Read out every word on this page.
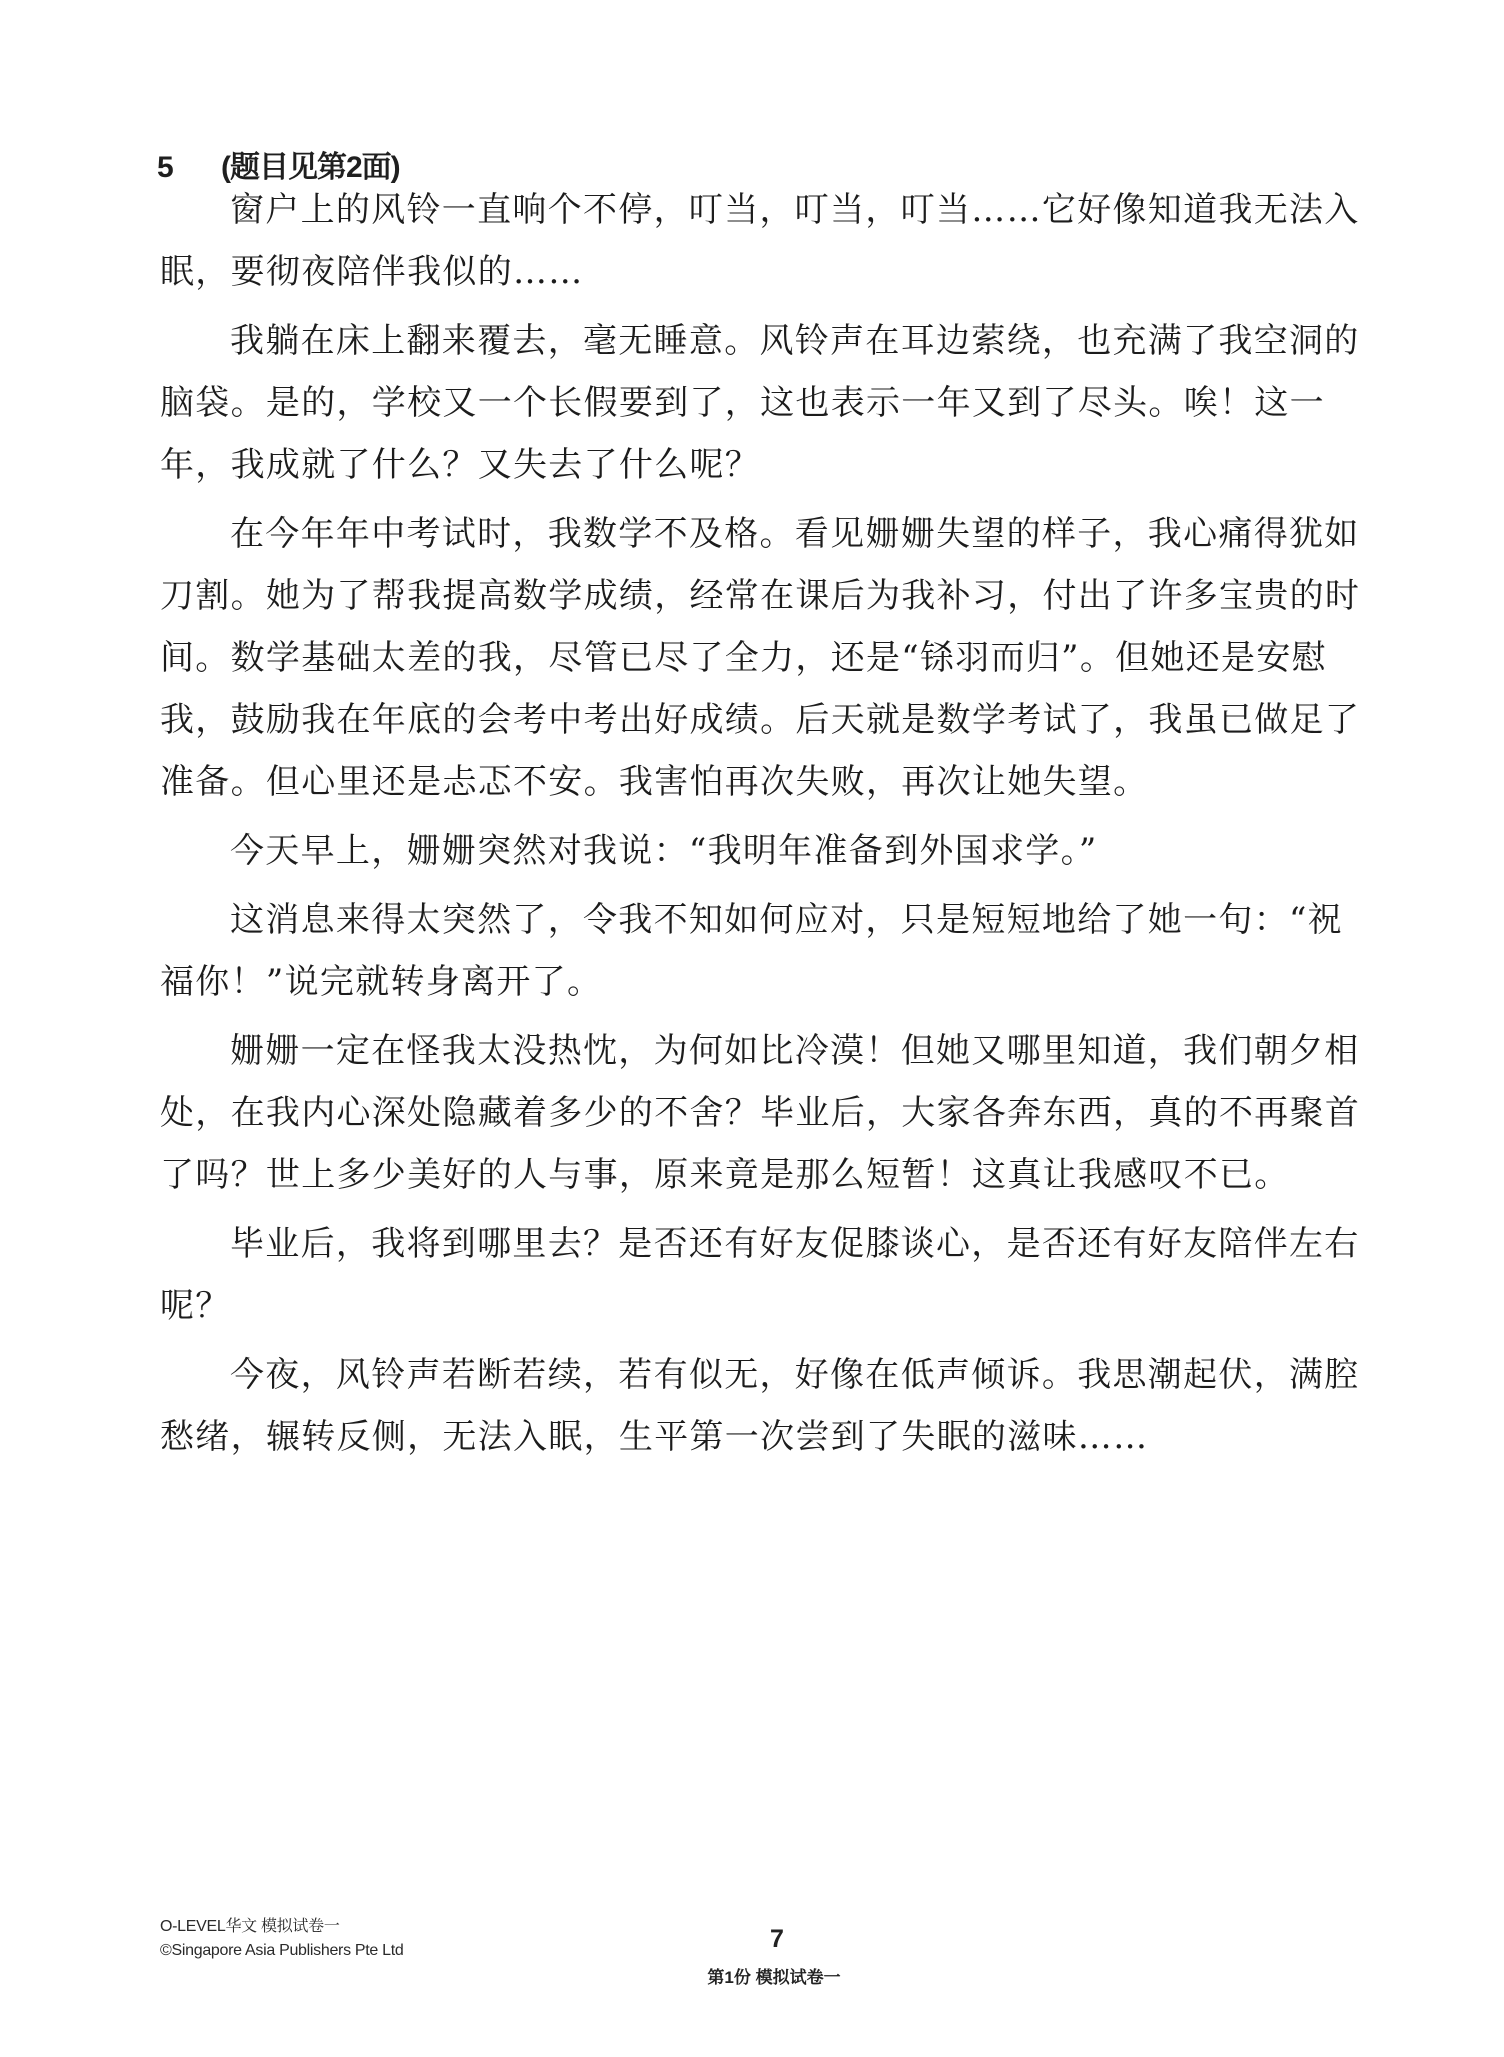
5 (题目见第2面)
窗户上的风铃一直响个不停，叮当，叮当，叮当……它好像知道我无法入
眠，要彻夜陪伴我似的……
我躺在床上翻来覆去，毫无睡意。风铃声在耳边萦绕，也充满了我空洞的
脑袋。是的，学校又一个长假要到了，这也表示一年又到了尽头。唉！这一
年，我成就了什么？又失去了什么呢？
在今年年中考试时，我数学不及格。看见姗姗失望的样子，我心痛得犹如
刀割。她为了帮我提高数学成绩，经常在课后为我补习，付出了许多宝贵的时
间。数学基础太差的我，尽管已尽了全力，还是“铩羽而归”。但她还是安慰
我，鼓励我在年底的会考中考出好成绩。后天就是数学考试了，我虽已做足了
准备。但心里还是忐忑不安。我害怕再次失败，再次让她失望。
今天早上，姗姗突然对我说：“我明年准备到外国求学。”
这消息来得太突然了，令我不知如何应对，只是短短地给了她一句：“祝
福你！”说完就转身离开了。
姗姗一定在怪我太没热忱，为何如比冷漠！但她又哪里知道，我们朝夕相
处，在我内心深处隐藏着多少的不舍？毕业后，大家各奔东西，真的不再聚首
了吗？世上多少美好的人与事，原来竟是那么短暂！这真让我感叹不已。
毕业后，我将到哪里去？是否还有好友促膝谈心，是否还有好友陪伴左右
呢？
今夜，风铃声若断若续，若有似无，好像在低声倾诉。我思潮起伏，满腔
愁绪，辗转反侧，无法入眠，生平第一次尝到了失眠的滋味……
O-LEVEL华文 模拟试卷一
©Singapore Asia Publishers Pte Ltd	7
第1份 模拟试卷一
